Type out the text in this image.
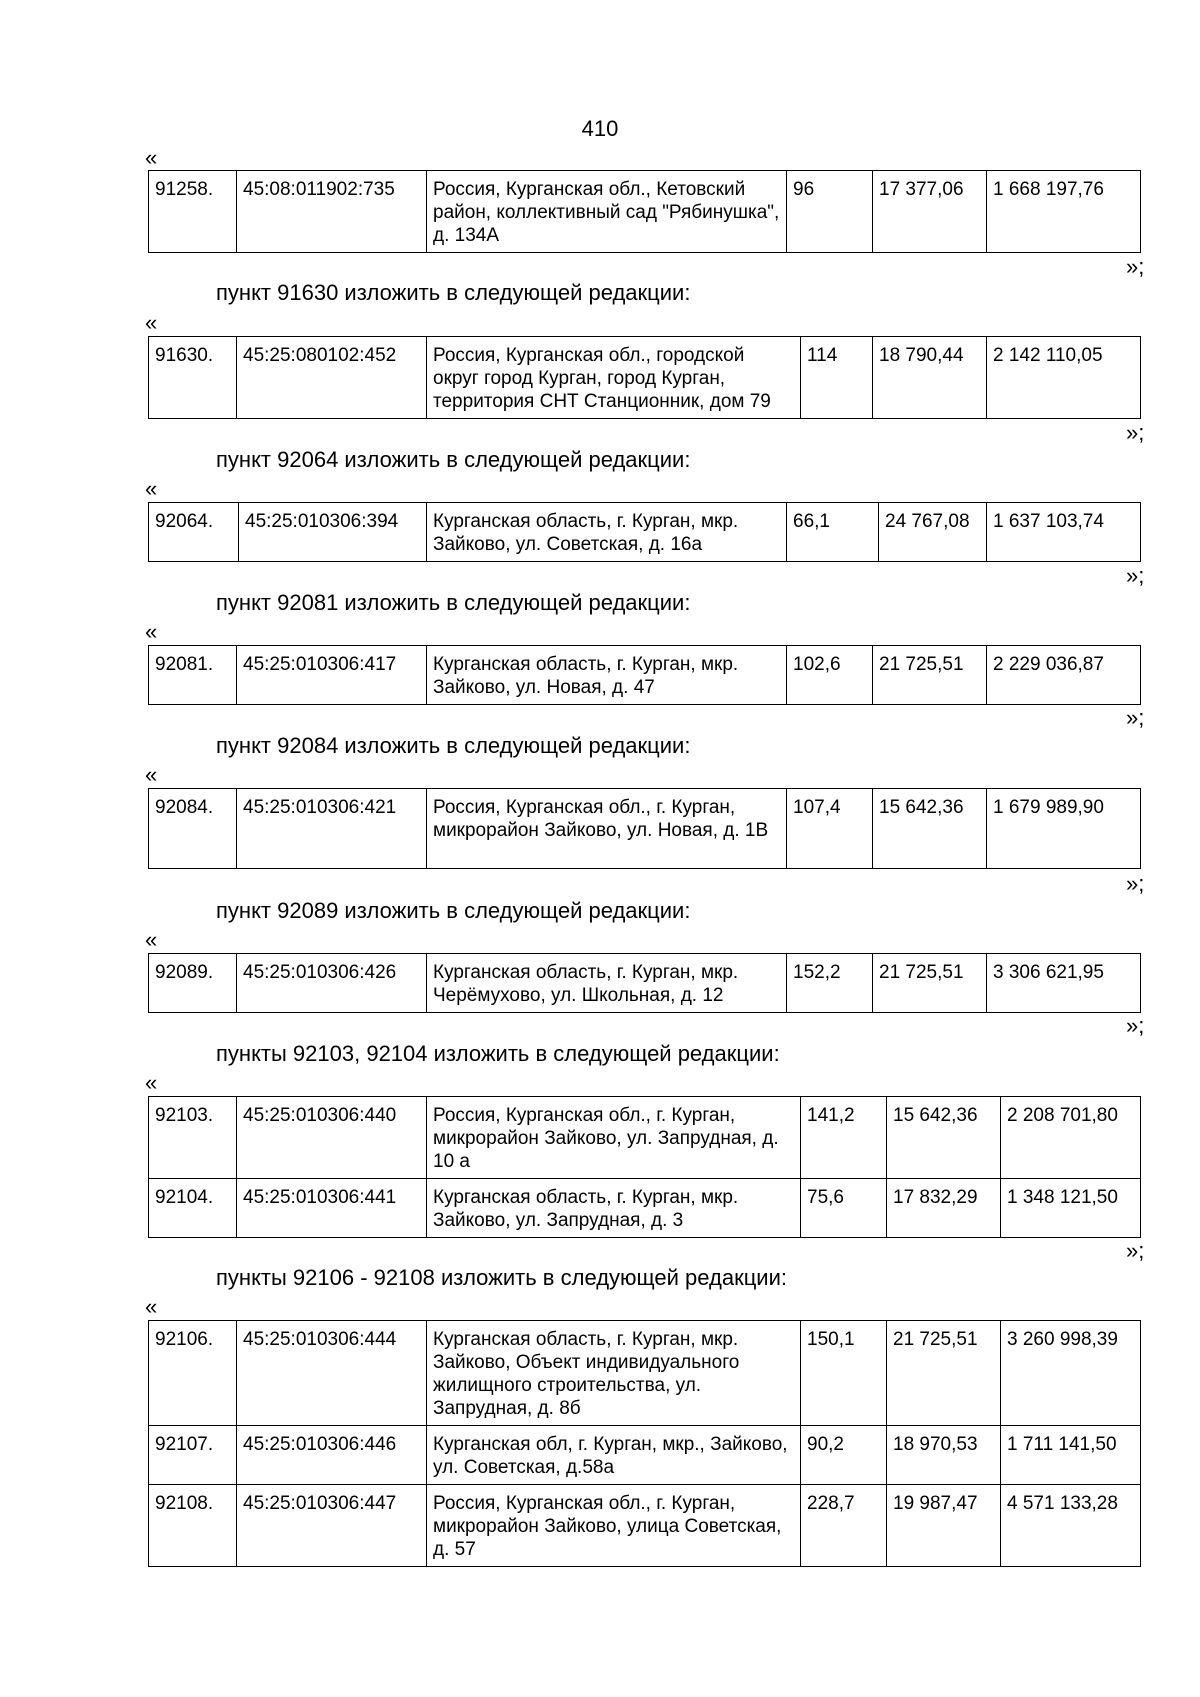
410
«
91258.	45:08:011902:735	Россия, Курганская обл., Кетовский район, коллективный сад "Рябинушка", д. 134А	96	17 377,06	1 668 197,76
»;
пункт 91630 изложить в следующей редакции:
«
91630.	45:25:080102:452	Россия, Курганская обл., городской округ город Курган, город Курган, территория СНТ Станционник, дом 79	114	18 790,44	2 142 110,05
»;
пункт 92064 изложить в следующей редакции:
«
92064.	45:25:010306:394	Курганская область, г. Курган, мкр. Зайково, ул. Советская, д. 16а	66,1	24 767,08	1 637 103,74
»;
пункт 92081 изложить в следующей редакции:
«
92081.	45:25:010306:417	Курганская область, г. Курган, мкр. Зайково, ул. Новая, д. 47	102,6	21 725,51	2 229 036,87
»;
пункт 92084 изложить в следующей редакции:
«
92084.	45:25:010306:421	Россия, Курганская обл., г. Курган, микрорайон Зайково, ул. Новая, д. 1В	107,4	15 642,36	1 679 989,90
»;
пункт 92089 изложить в следующей редакции:
«
92089.	45:25:010306:426	Курганская область, г. Курган, мкр. Черёмухово, ул. Школьная, д. 12	152,2	21 725,51	3 306 621,95
»;
пункты 92103, 92104 изложить в следующей редакции:
«
92103.	45:25:010306:440	Россия, Курганская обл., г. Курган, микрорайон Зайково, ул. Запрудная, д. 10 а	141,2	15 642,36	2 208 701,80
92104.	45:25:010306:441	Курганская область, г. Курган, мкр. Зайково, ул. Запрудная, д. 3	75,6	17 832,29	1 348 121,50
»;
пункты 92106 - 92108 изложить в следующей редакции:
«
92106.	45:25:010306:444	Курганская область, г. Курган, мкр. Зайково, Объект индивидуального жилищного строительства, ул. Запрудная, д. 8б	150,1	21 725,51	3 260 998,39
92107.	45:25:010306:446	Курганская обл, г. Курган, мкр., Зайково, ул. Советская, д.58а	90,2	18 970,53	1 711 141,50
92108.	45:25:010306:447	Россия, Курганская обл., г. Курган, микрорайон Зайково, улица Советская, д. 57	228,7	19 987,47	4 571 133,28
